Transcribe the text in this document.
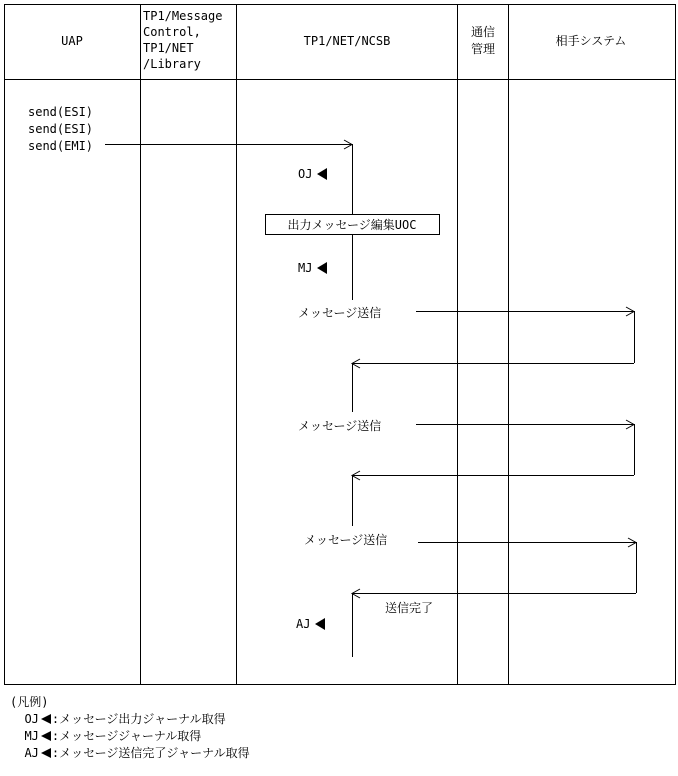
UAP
TP1/Message
Control,
TP1/NET
/Library
TP1/NET/NCSB
通信
管理
相手システム
send(ESI)
send(ESI)
send(EMI)
OJ
出力メッセージ編集UOC
MJ
メッセージ送信
メッセージ送信
メッセージ送信
送信完了
AJ
(凡例)
OJ :メッセージ出力ジャーナル取得
MJ :メッセージジャーナル取得
AJ :メッセージ送信完了ジャーナル取得
